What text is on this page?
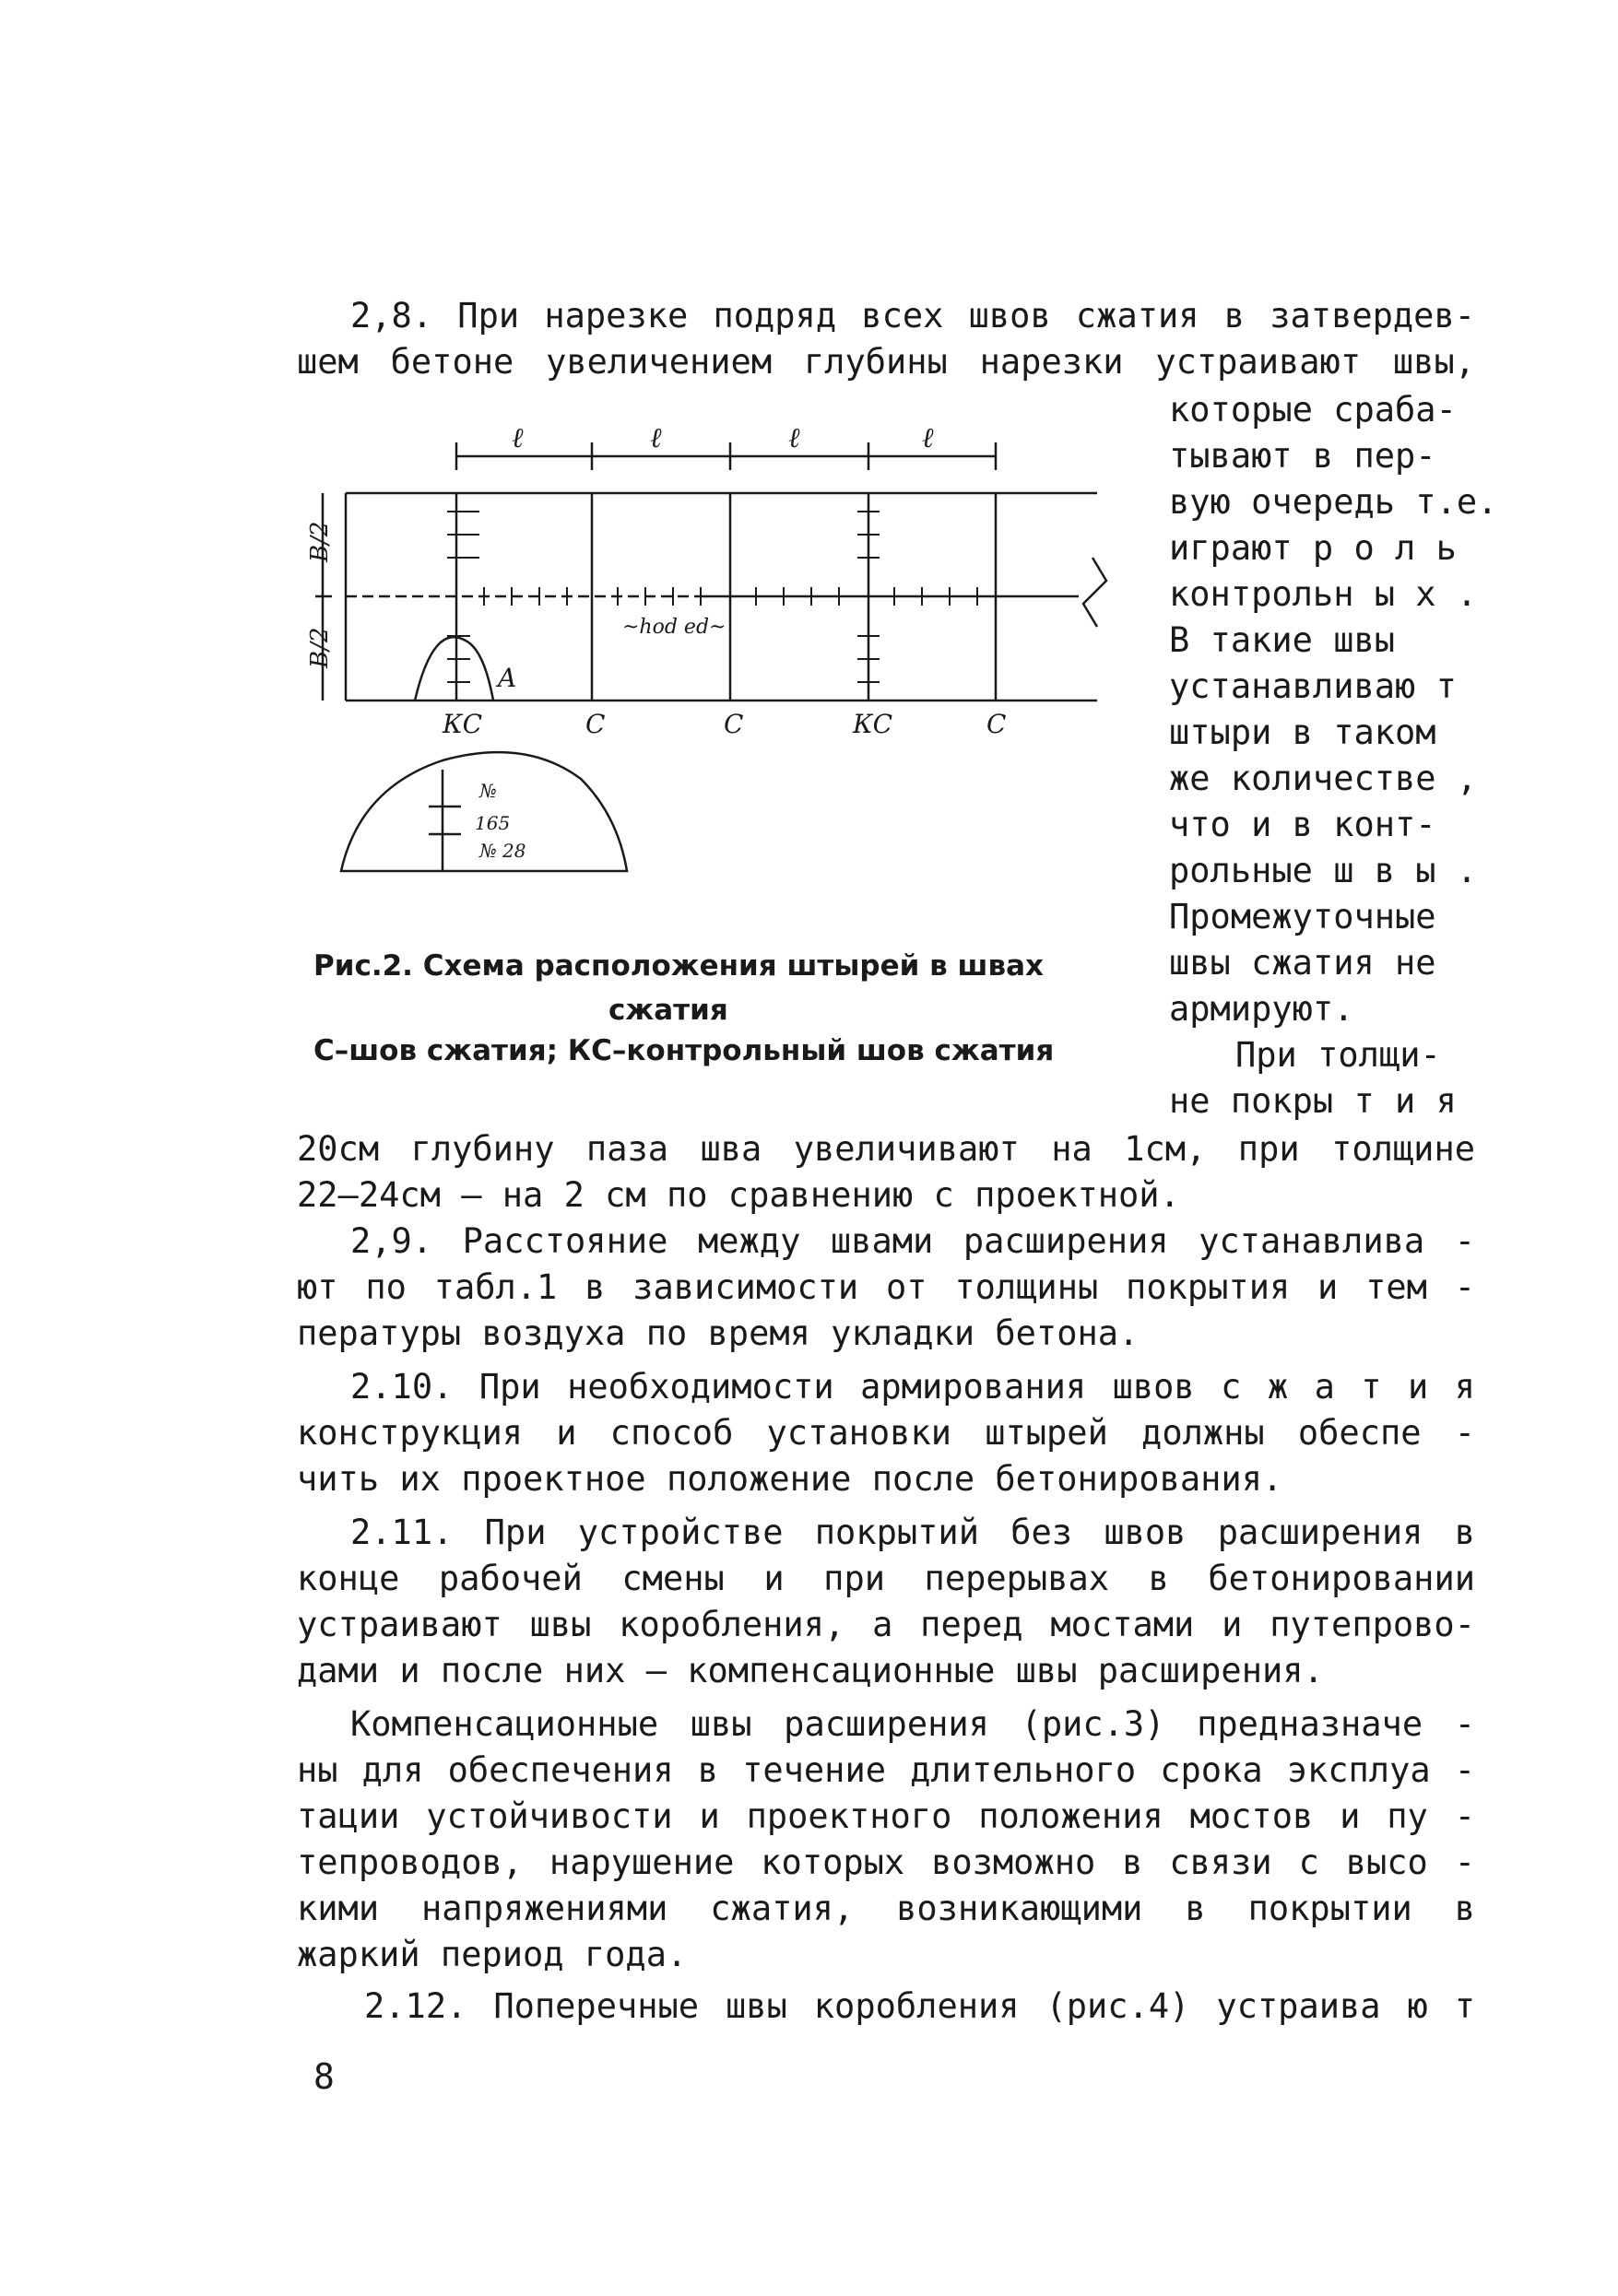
2,8. При нарезке подряд всех швов сжатия в затвердев-

шем бетоне увеличением глубины нарезки устраивают швы,

которые сраба-

тывают в пер-

вую очередь т.е.

играют р о л ь

контрольн ы х .

В такие швы

устанавливаю т

штыри в таком

же количестве ,

что и в конт-

рольные ш в ы .

Промежуточные

швы сжатия не

армируют.

При толщи-

не покры т и я

ℓ	ℓ	ℓ	ℓ
B/2
B/2
A
~hod ed~
КС	С	С	КС	С
№
165
№ 28

Рис.2. Схема расположения штырей в швах

сжатия

С–шов сжатия; КС–контрольный шов сжатия

20см глубину паза шва увеличивают на 1см, при толщине

22–24см – на 2 см по сравнению с проектной.

2,9. Расстояние между швами расширения устанавлива -

ют по табл.1 в зависимости от толщины покрытия и тем -

пературы воздуха по время укладки бетона.

2.10. При необходимости армирования швов с ж а т и я

конструкция и способ установки штырей должны обеспе -

чить их проектное положение после бетонирования.

2.11. При устройстве покрытий без швов расширения в

конце рабочей смены и при перерывах в бетонировании

устраивают швы коробления, а перед мостами и путепрово-

дами и после них – компенсационные швы расширения.

Компенсационные швы расширения (рис.3) предназначе -

ны для обеспечения в течение длительного срока эксплуа -

тации устойчивости и проектного положения мостов и пу -

тепроводов, нарушение которых возможно в связи с высо -

кими напряжениями сжатия, возникающими в покрытии в

жаркий период года.

2.12. Поперечные швы коробления (рис.4) устраива ю т

8
